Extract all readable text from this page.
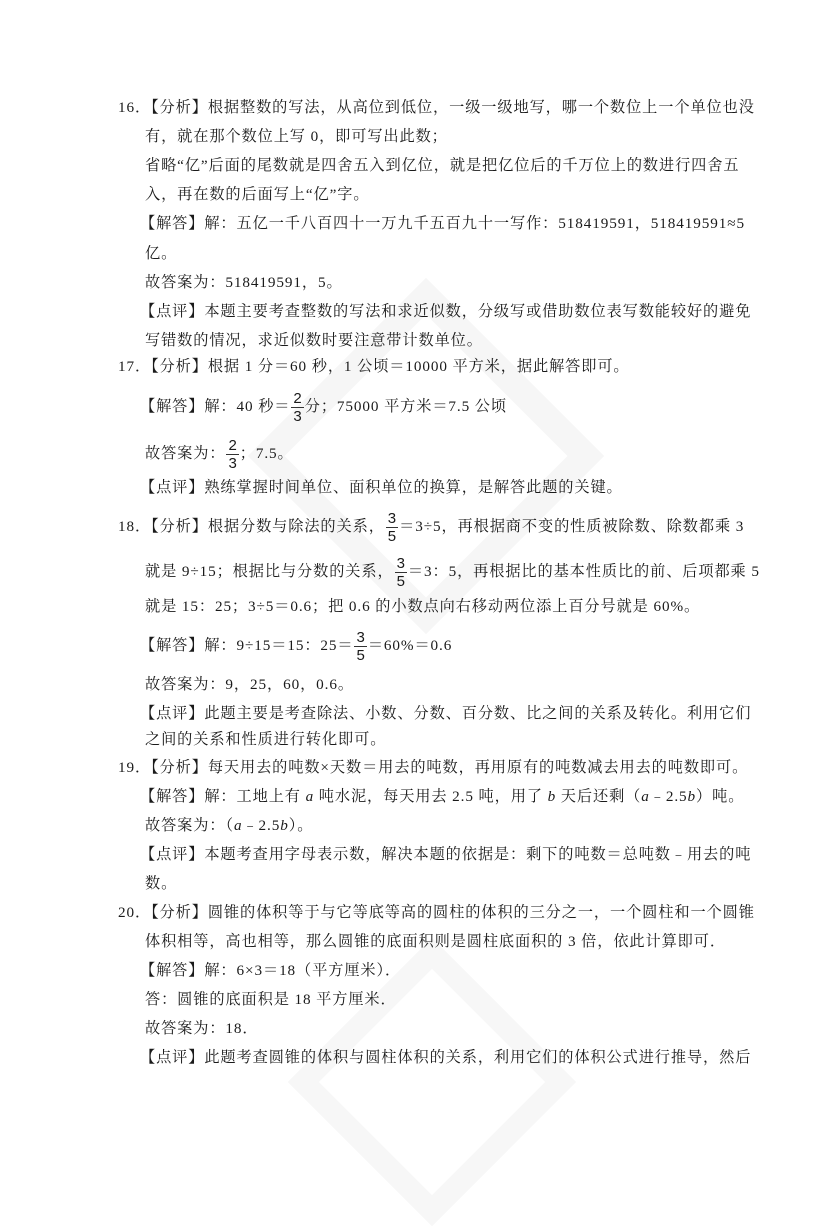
16．【分析】根据整数的写法，从高位到低位，一级一级地写，哪一个数位上一个单位也没
有，就在那个数位上写 0，即可写出此数；
省略“亿”后面的尾数就是四舍五入到亿位，就是把亿位后的千万位上的数进行四舍五
入，再在数的后面写上“亿”字。
【解答】解：五亿一千八百四十一万九千五百九十一写作：518419591，518419591≈5
亿。
故答案为：518419591，5。
【点评】本题主要考查整数的写法和求近似数，分级写或借助数位表写数能较好的避免
写错数的情况，求近似数时要注意带计数单位。
17．【分析】根据 1 分＝60 秒，1 公顷＝10000 平方米，据此解答即可。
【解答】解：40 秒＝ $\frac{2}{3}$ 分；75000 平方米＝7.5 公顷
故答案为： $\frac{2}{3}$ ；7.5。
【点评】熟练掌握时间单位、面积单位的换算，是解答此题的关键。
18．【分析】根据分数与除法的关系， $\frac{3}{5} =3\div 5$，再根据商不变的性质被除数、除数都乘 3
就是 9÷15；根据比与分数的关系， $\frac{3}{5} =3$：5，再根据比的基本性质比的前、后项都乘 5
就是 15：25；3÷5＝0.6；把 0.6 的小数点向右移动两位添上百分号就是 60%。
【解答】解：9÷15＝15：$25= \frac{3}{5} =60\%=0.6$
故答案为：9，25，60，0.6。
【点评】此题主要是考查除法、小数、分数、百分数、比之间的关系及转化。利用它们
之间的关系和性质进行转化即可。
19．【分析】每天用去的吨数×天数＝用去的吨数，再用原有的吨数减去用去的吨数即可。
【解答】解：工地上有 a 吨水泥，每天用去 2.5 吨，用了 b 天后还剩（a﹣2.5b）吨。
故答案为：（a﹣2.5b）。
【点评】本题考查用字母表示数，解决本题的依据是：剩下的吨数＝总吨数﹣用去的吨
数。
20．【分析】圆锥的体积等于与它等底等高的圆柱的体积的三分之一，一个圆柱和一个圆锥
体积相等，高也相等，那么圆锥的底面积则是圆柱底面积的 3 倍，依此计算即可．
【解答】解：6×3＝18（平方厘米）．
答：圆锥的底面积是 18 平方厘米．
故答案为：18．
【点评】此题考查圆锥的体积与圆柱体积的关系，利用它们的体积公式进行推导，然后
